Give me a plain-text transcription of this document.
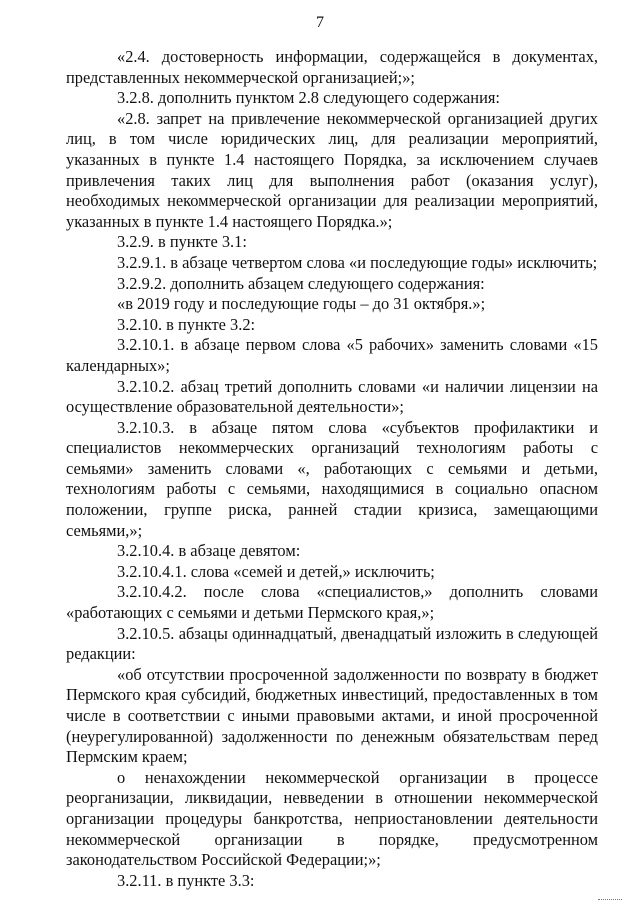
7

«2.4. достоверность информации, содержащейся в документах, представленных некоммерческой организацией;»;

3.2.8. дополнить пунктом 2.8 следующего содержания:

«2.8. запрет на привлечение некоммерческой организацией других лиц, в том числе юридических лиц, для реализации мероприятий, указанных в пункте 1.4 настоящего Порядка, за исключением случаев привлечения таких лиц для выполнения работ (оказания услуг), необходимых некоммерческой организации для реализации мероприятий, указанных в пункте 1.4 настоящего Порядка.»;

3.2.9. в пункте 3.1:

3.2.9.1. в абзаце четвертом слова «и последующие годы» исключить;

3.2.9.2. дополнить абзацем следующего содержания:

«в 2019 году и последующие годы – до 31 октября.»;

3.2.10. в пункте 3.2:

3.2.10.1. в абзаце первом слова «5 рабочих» заменить словами «15 календарных»;

3.2.10.2. абзац третий дополнить словами «и наличии лицензии на осуществление образовательной деятельности»;

3.2.10.3. в абзаце пятом слова «субъектов профилактики и специалистов некоммерческих организаций технологиям работы с семьями» заменить словами «, работающих с семьями и детьми, технологиям работы с семьями, находящимися в социально опасном положении, группе риска, ранней стадии кризиса, замещающими семьями,»;

3.2.10.4. в абзаце девятом:

3.2.10.4.1. слова «семей и детей,» исключить;

3.2.10.4.2. после слова «специалистов,» дополнить словами «работающих с семьями и детьми Пермского края,»;

3.2.10.5. абзацы одиннадцатый, двенадцатый изложить в следующей редакции:

«об отсутствии просроченной задолженности по возврату в бюджет Пермского края субсидий, бюджетных инвестиций, предоставленных в том числе в соответствии с иными правовыми актами, и иной просроченной (неурегулированной) задолженности по денежным обязательствам перед Пермским краем;

о ненахождении некоммерческой организации в процессе реорганизации, ликвидации, невведении в отношении некоммерческой организации процедуры банкротства, неприостановлении деятельности некоммерческой организации в порядке, предусмотренном законодательством Российской Федерации;»;

3.2.11. в пункте 3.3:
